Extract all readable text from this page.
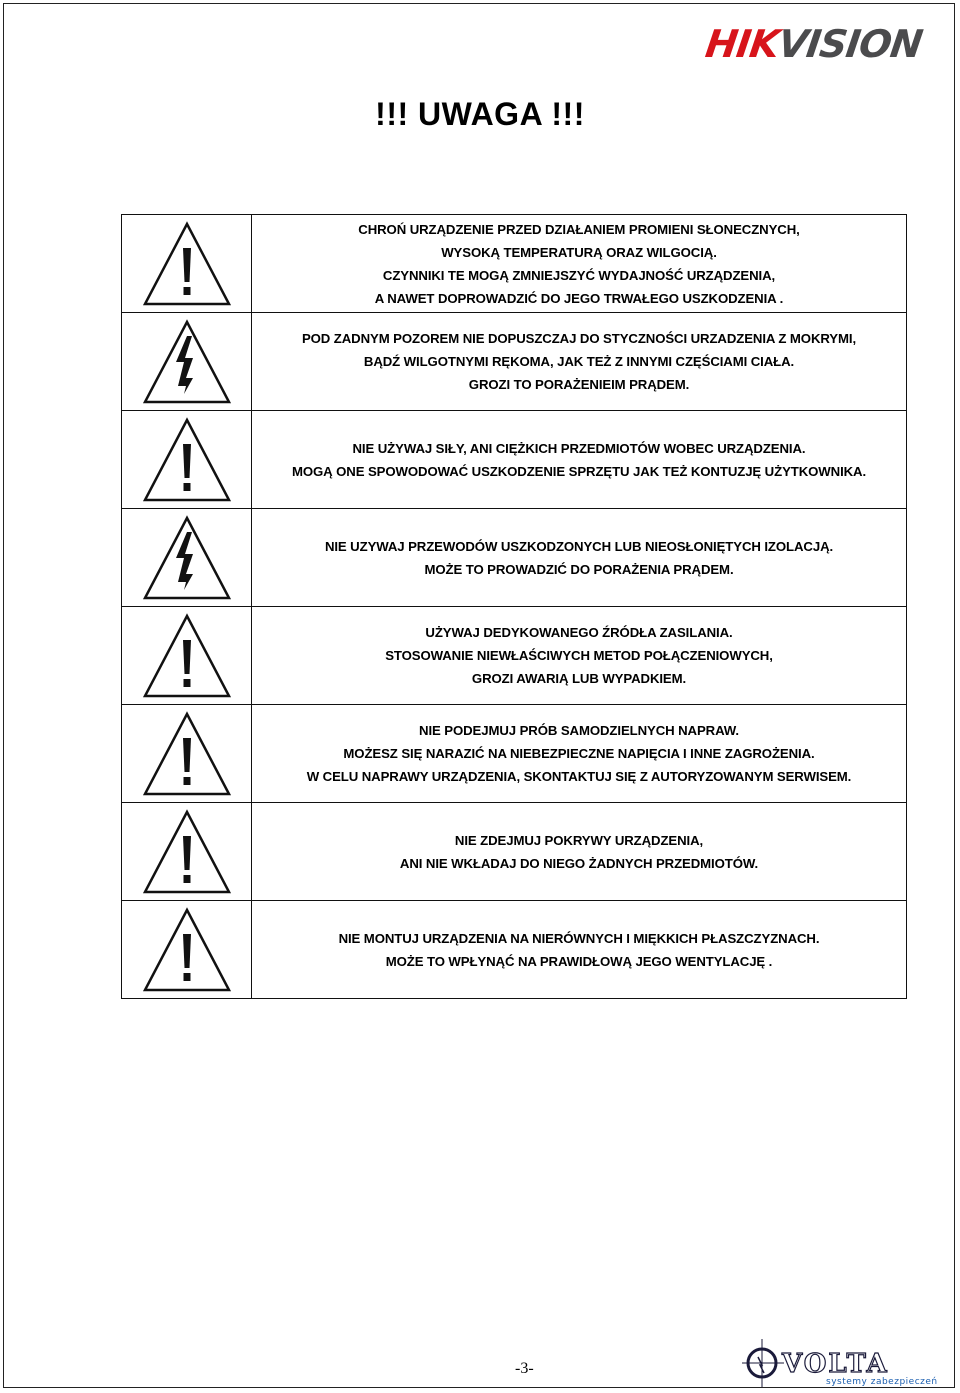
HIKVISION
!!! UWAGA !!!
CHROŃ URZĄDZENIE PRZED DZIAŁANIEM PROMIENI SŁONECZNYCH,
WYSOKĄ TEMPERATURĄ ORAZ WILGOCIĄ.
CZYNNIKI TE MOGĄ ZMNIEJSZYĆ WYDAJNOŚĆ URZĄDZENIA,
A NAWET DOPROWADZIĆ DO JEGO TRWAŁEGO USZKODZENIA .
POD ZADNYM POZOREM NIE DOPUSZCZAJ DO STYCZNOŚCI URZADZENIA Z MOKRYMI,
BĄDŹ WILGOTNYMI RĘKOMA, JAK TEŻ Z INNYMI CZĘŚCIAMI CIAŁA.
GROZI TO PORAŻENIEIM PRĄDEM.
NIE UŻYWAJ SIŁY, ANI CIĘŻKICH PRZEDMIOTÓW WOBEC URZĄDZENIA.
MOGĄ ONE SPOWODOWAĆ USZKODZENIE SPRZĘTU JAK TEŻ KONTUZJĘ UŻYTKOWNIKA.
NIE UZYWAJ PRZEWODÓW USZKODZONYCH LUB NIEOSŁONIĘTYCH IZOLACJĄ.
MOŻE TO PROWADZIĆ DO PORAŻENIA PRĄDEM.
UŻYWAJ DEDYKOWANEGO ŹRÓDŁA ZASILANIA.
STOSOWANIE NIEWŁAŚCIWYCH METOD POŁĄCZENIOWYCH,
GROZI AWARIĄ LUB WYPADKIEM.
NIE PODEJMUJ PRÓB SAMODZIELNYCH NAPRAW.
MOŻESZ SIĘ NARAZIĆ NA NIEBEZPIECZNE NAPIĘCIA I INNE ZAGROŻENIA.
W CELU NAPRAWY URZĄDZENIA, SKONTAKTUJ SIĘ Z AUTORYZOWANYM SERWISEM.
NIE ZDEJMUJ POKRYWY URZĄDZENIA,
ANI NIE WKŁADAJ DO NIEGO ŻADNYCH PRZEDMIOTÓW.
NIE MONTUJ URZĄDZENIA NA NIERÓWNYCH I MIĘKKICH PŁASZCZYZNACH.
MOŻE TO WPŁYNĄĆ NA PRAWIDŁOWĄ JEGO WENTYLACJĘ .
-3-	VOLTA
systemy zabezpieczeń
